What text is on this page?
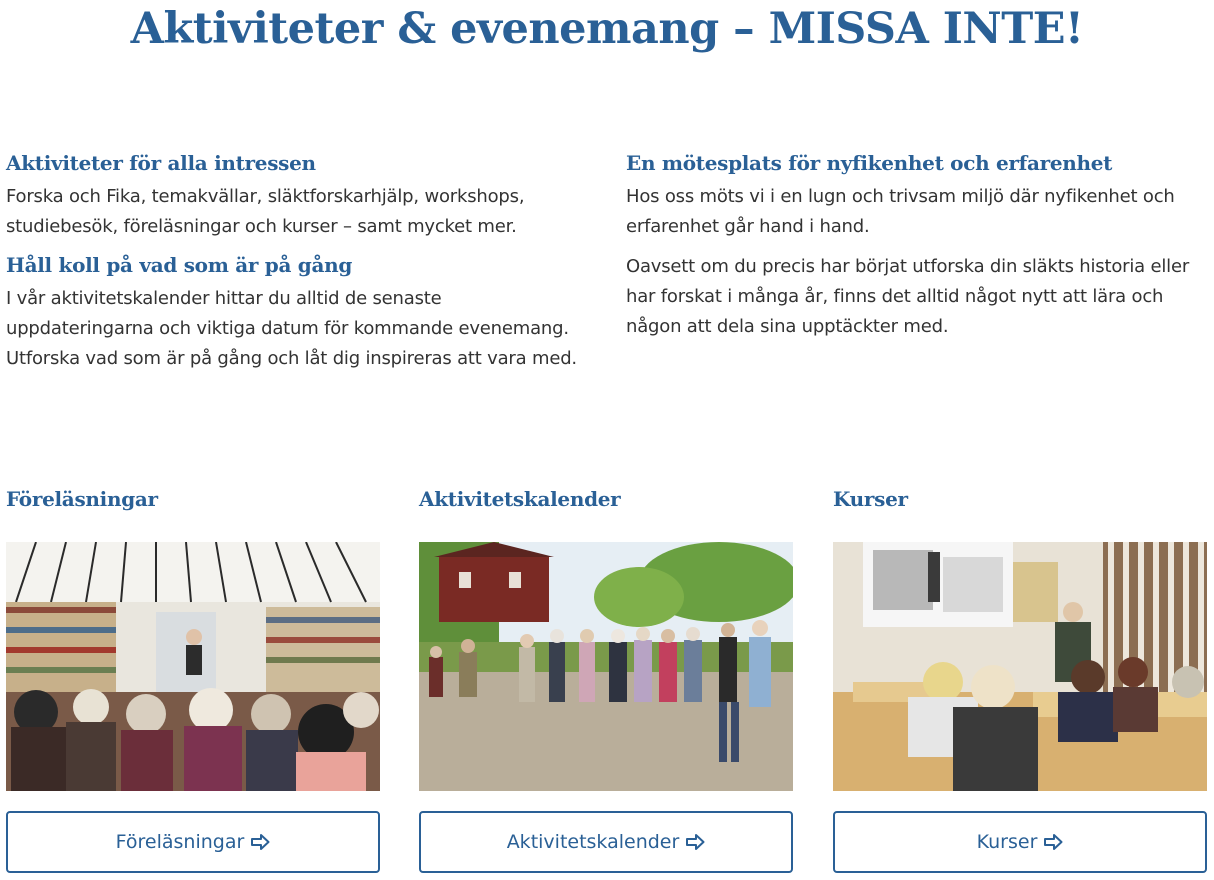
Aktiviteter & evenemang – MISSA INTE!
Aktiviteter för alla intressen

Forska och Fika, temakvällar, släktforskarhjälp, workshops, studiebesök, föreläsningar och kurser – samt mycket mer.

Håll koll på vad som är på gång

I vår aktivitetskalender hittar du alltid de senaste uppdateringarna och viktiga datum för kommande evenemang. Utforska vad som är på gång och låt dig inspireras att vara med.

En mötesplats för nyfikenhet och erfarenhet

Hos oss möts vi i en lugn och trivsam miljö där nyfikenhet och erfarenhet går hand i hand.

Oavsett om du precis har börjat utforska din släkts historia eller har forskat i många år, finns det alltid något nytt att lära och någon att dela sina upptäckter med.

Föreläsningar
Föreläsningar
Aktivitetskalender
Aktivitetskalender
Kurser
Kurser
